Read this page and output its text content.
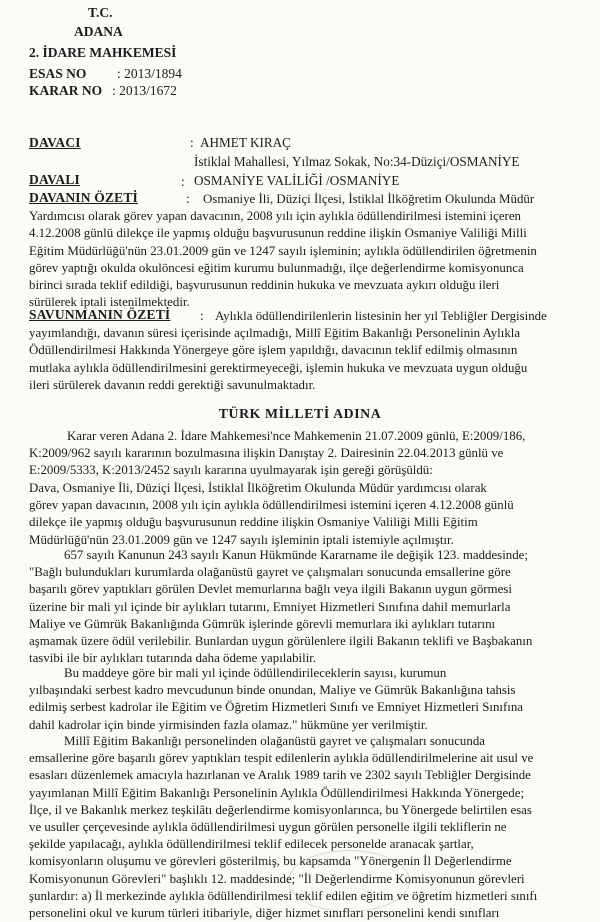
T.C.
ADANA
2. İDARE MAHKEMESİ
ESAS NO : 2013/1894
KARAR NO : 2013/1672
DAVACI	: AHMET KIRAÇ
İstiklal Mahallesi, Yılmaz Sokak, No:34-Düziçi/OSMANİYE
DAVALI	: OSMANİYE VALİLİĞİ /OSMANİYE
DAVANIN ÖZETİ	:	Osmaniye İli, Düziçi İlçesi, İstiklal İlköğretim Okulunda Müdür
Yardımcısı olarak görev yapan davacının, 2008 yılı için aylıkla ödüllendirilmesi istemini içeren
4.12.2008 günlü dilekçe ile yapmış olduğu başvurusunun reddine ilişkin Osmaniye Valiliği Milli
Eğitim Müdürlüğü'nün 23.01.2009 gün ve 1247 sayılı işleminin; aylıkla ödüllendirilen öğretmenin
görev yaptığı okulda okulöncesi eğitim kurumu bulunmadığı, ilçe değerlendirme komisyonunca
birinci sırada teklif edildiği, başvurusunun reddinin hukuka ve mevzuata aykırı olduğu ileri
sürülerek iptali istenilmektedir.
SAVUNMANIN ÖZETİ	: Aylıkla ödüllendirilenlerin listesinin her yıl Tebliğler Dergisinde
yayımlandığı, davanın süresi içerisinde açılmadığı, Millî Eğitim Bakanlığı Personelinin Aylıkla
Ödüllendirilmesi Hakkında Yönergeye göre işlem yapıldığı, davacının teklif edilmiş olmasının
mutlaka aylıkla ödüllendirilmesini gerektirmeyeceği, işlemin hukuka ve mevzuata uygun olduğu
ileri sürülerek davanın reddi gerektiği savunulmaktadır.
TÜRK MİLLETİ ADINA
Karar veren Adana 2. İdare Mahkemesi'nce Mahkemenin 21.07.2009 günlü, E:2009/186,
K:2009/962 sayılı kararının bozulmasına ilişkin Danıştay 2. Dairesinin 22.04.2013 günlü ve
E:2009/5333, K:2013/2452 sayılı kararına uyulmayarak işin gereği görüşüldü:
Dava, Osmaniye İli, Düziçi İlçesi, İstiklal İlköğretim Okulunda Müdür yardımcısı olarak
görev yapan davacının, 2008 yılı için aylıkla ödüllendirilmesi istemini içeren 4.12.2008 günlü
dilekçe ile yapmış olduğu başvurusunun reddine ilişkin Osmaniye Valiliği Milli Eğitim
Müdürlüğü'nün 23.01.2009 gün ve 1247 sayılı işleminin iptali istemiyle açılmıştır.
657 sayılı Kanunun 243 sayılı Kanun Hükmünde Kararname ile değişik 123. maddesinde;
"Bağlı bulundukları kurumlarda olağanüstü gayret ve çalışmaları sonucunda emsallerine göre
başarılı görev yaptıkları görülen Devlet memurlarına bağlı veya ilgili Bakanın uygun görmesi
üzerine bir mali yıl içinde bir aylıkları tutarını, Emniyet Hizmetleri Sınıfına dahil memurlarla
Maliye ve Gümrük Bakanlığında Gümrük işlerinde görevli memurlara iki aylıkları tutarını
aşmamak üzere ödül verilebilir. Bunlardan uygun görülenlere ilgili Bakanın teklifi ve Başbakanın
tasvibi ile bir aylıkları tutarında daha ödeme yapılabilir.
Bu maddeye göre bir mali yıl içinde ödüllendirileceklerin sayısı, kurumun
yılbaşındaki serbest kadro mevcudunun binde onundan, Maliye ve Gümrük Bakanlığına tahsis
edilmiş serbest kadrolar ile Eğitim ve Öğretim Hizmetleri Sınıfı ve Emniyet Hizmetleri Sınıfına
dahil kadrolar için binde yirmisinden fazla olamaz." hükmüne yer verilmiştir.
Millî Eğitim Bakanlığı personelinden olağanüstü gayret ve çalışmaları sonucunda
emsallerine göre başarılı görev yaptıkları tespit edilenlerin aylıkla ödüllendirilmelerine ait usul ve
esasları düzenlemek amacıyla hazırlanan ve Aralık 1989 tarih ve 2302 sayılı Tebliğler Dergisinde
yayımlanan Millî Eğitim Bakanlığı Personelinin Aylıkla Ödüllendirilmesi Hakkında Yönergede;
İlçe, il ve Bakanlık merkez teşkilâtı değerlendirme komisyonlarınca, bu Yönergede belirtilen esas
ve usuller çerçevesinde aylıkla ödüllendirilmesi uygun görülen personelle ilgili tekliflerin ne
şekilde yapılacağı, aylıkla ödüllendirilmesi teklif edilecek personelde aranacak şartlar,
komisyonların oluşumu ve görevleri gösterilmiş, bu kapsamda "Yönergenin İl Değerlendirme
Komisyonunun Görevleri" başlıklı 12. maddesinde; "İl Değerlendirme Komisyonunun görevleri
şunlardır: a) İl merkezinde aylıkla ödüllendirilmesi teklif edilen eğitim ve öğretim hizmetleri sınıfı
personelini okul ve kurum türleri itibariyle, diğer hizmet sınıfları personelini kendi sınıfları
